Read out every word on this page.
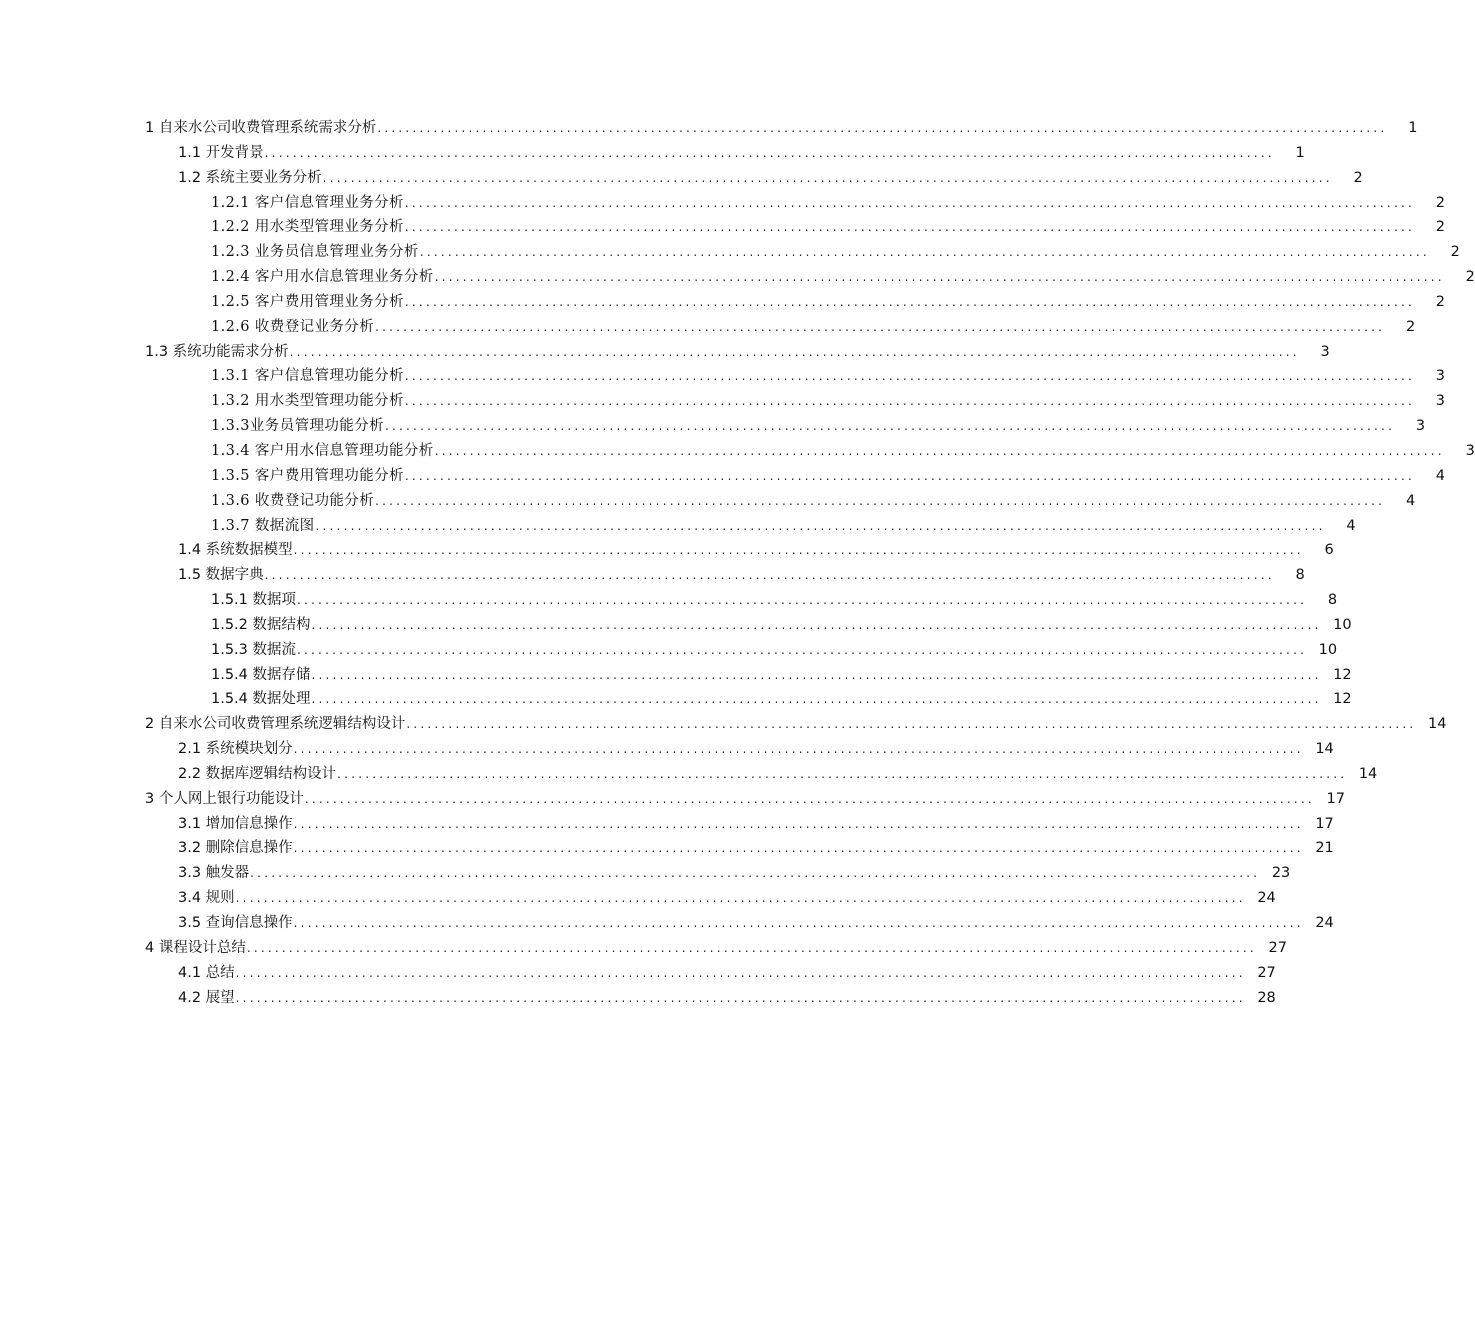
1 自来水公司收费管理系统需求分析 ................................................................................................................................................	1
1.1 开发背景 ................................................................................................................................................	1
1.2 系统主要业务分析 ................................................................................................................................................	2
1.2.1 客户信息管理业务分析 ................................................................................................................................................	2
1.2.2 用水类型管理业务分析 ................................................................................................................................................	2
1.2.3 业务员信息管理业务分析 ................................................................................................................................................	2
1.2.4 客户用水信息管理业务分析 ................................................................................................................................................	2
1.2.5 客户费用管理业务分析 ................................................................................................................................................	2
1.2.6 收费登记业务分析 ................................................................................................................................................	2
1.3 系统功能需求分析 ................................................................................................................................................	3
1.3.1 客户信息管理功能分析 ................................................................................................................................................	3
1.3.2 用水类型管理功能分析 ................................................................................................................................................	3
1.3.3业务员管理功能分析 ................................................................................................................................................	3
1.3.4 客户用水信息管理功能分析 ................................................................................................................................................	3
1.3.5 客户费用管理功能分析 ................................................................................................................................................	4
1.3.6 收费登记功能分析 ................................................................................................................................................	4
1.3.7 数据流图 ................................................................................................................................................	4
1.4 系统数据模型 ................................................................................................................................................	6
1.5 数据字典 ................................................................................................................................................	8
1.5.1 数据项 ................................................................................................................................................	8
1.5.2 数据结构 ................................................................................................................................................ 10
1.5.3 数据流 ................................................................................................................................................ 10
1.5.4 数据存储 ................................................................................................................................................ 12
1.5.4 数据处理 ................................................................................................................................................ 12
2 自来水公司收费管理系统逻辑结构设计 ................................................................................................................................................ 14
2.1 系统模块划分 ................................................................................................................................................ 14
2.2 数据库逻辑结构设计 ................................................................................................................................................ 14
3 个人网上银行功能设计 ................................................................................................................................................ 17
3.1 增加信息操作 ................................................................................................................................................ 17
3.2 删除信息操作 ................................................................................................................................................ 21
3.3 触发器 ................................................................................................................................................ 23
3.4 规则 ................................................................................................................................................ 24
3.5 查询信息操作 ................................................................................................................................................ 24
4 课程设计总结 ................................................................................................................................................ 27
4.1 总结 ................................................................................................................................................ 27
4.2 展望 ................................................................................................................................................ 28
